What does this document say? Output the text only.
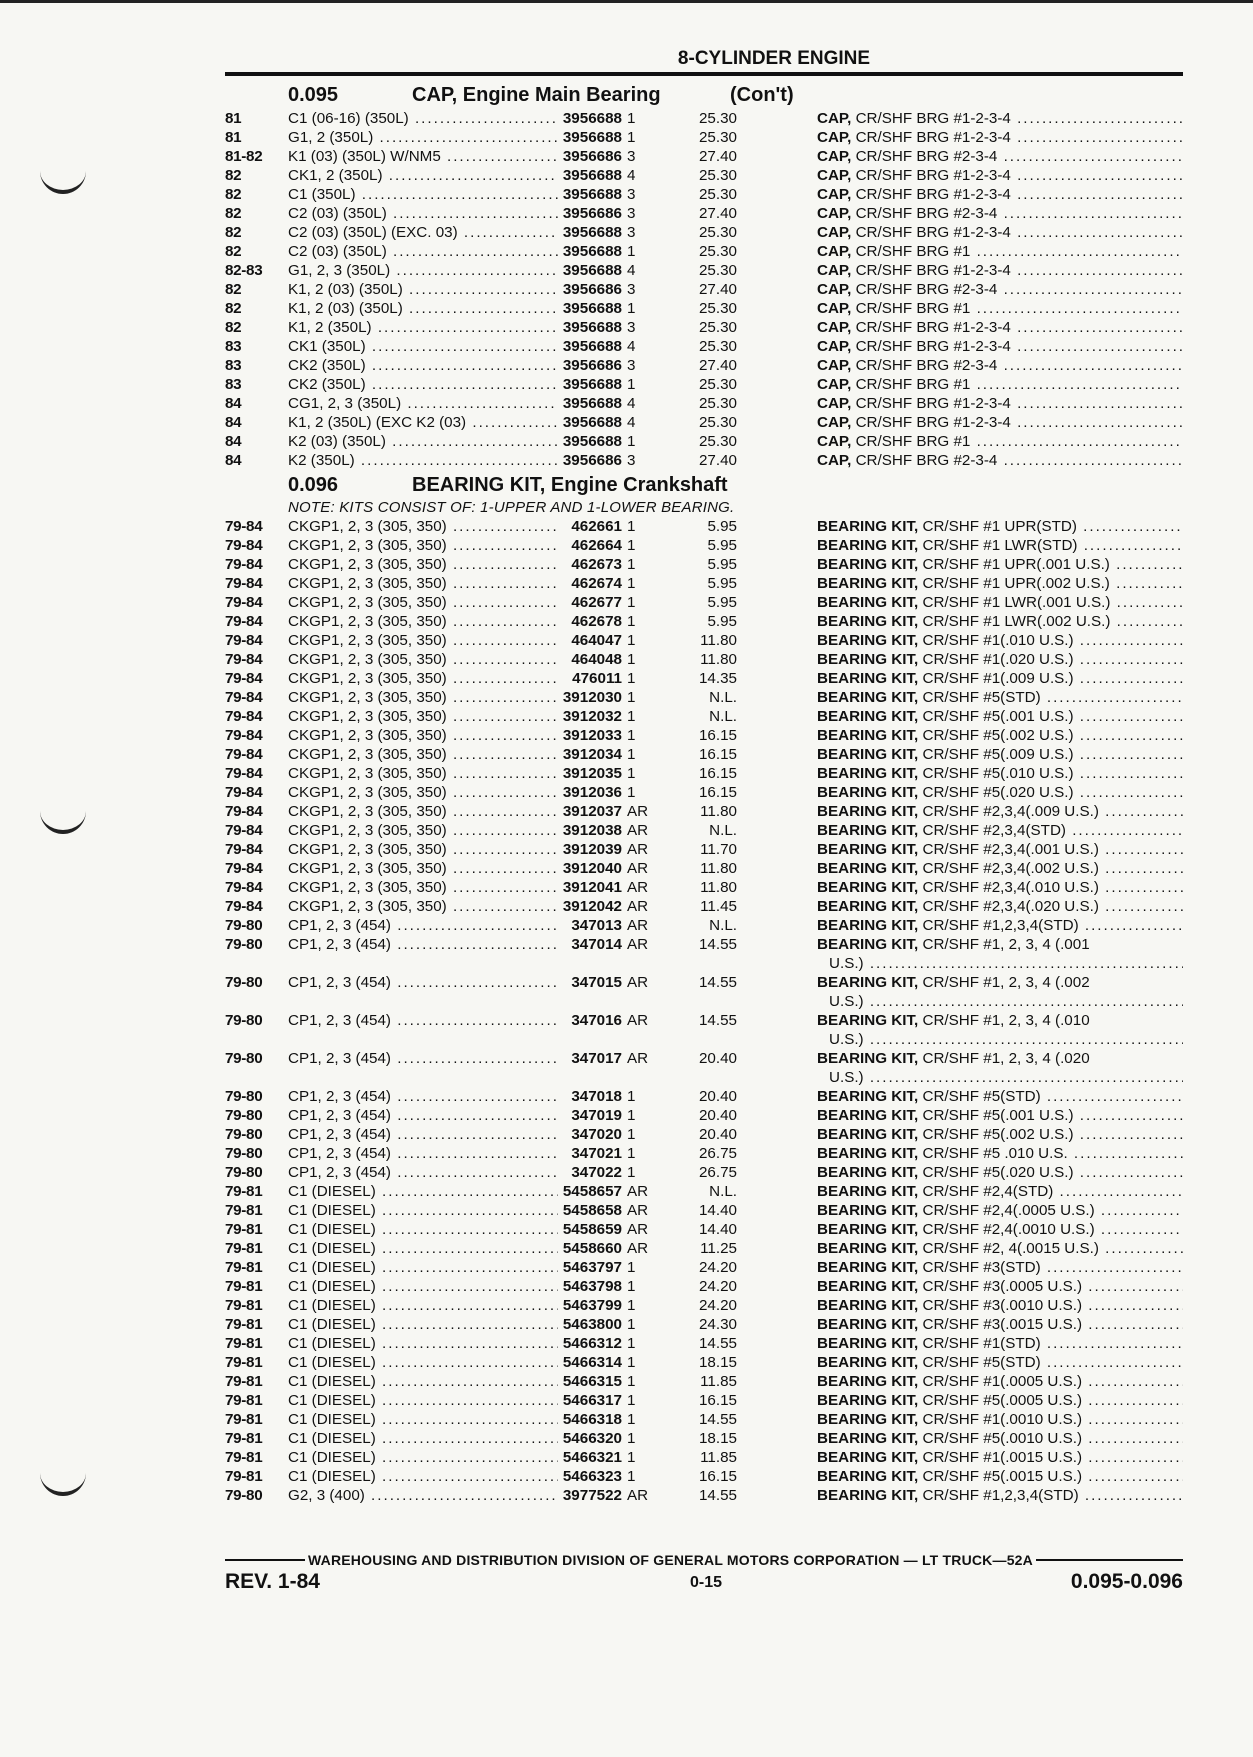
8-CYLINDER ENGINE
0.095	CAP, Engine Main Bearing	(Con't)
81	C1 (06-16) (350L) .....	3956688 1	25.30	CAP, CR/SHF BRG #1-2-3-4 .....
81	G1, 2 (350L) .....	3956688 1	25.30	CAP, CR/SHF BRG #1-2-3-4 .....
81-82	K1 (03) (350L) W/NM5 .....	3956686 3	27.40	CAP, CR/SHF BRG #2-3-4 .....
82	CK1, 2 (350L) .....	3956688 4	25.30	CAP, CR/SHF BRG #1-2-3-4 .....
82	C1 (350L) .....	3956688 3	25.30	CAP, CR/SHF BRG #1-2-3-4 .....
82	C2 (03) (350L) .....	3956686 3	27.40	CAP, CR/SHF BRG #2-3-4 .....
82	C2 (03) (350L) (EXC. 03) .....	3956688 3	25.30	CAP, CR/SHF BRG #1-2-3-4 .....
82	C2 (03) (350L) .....	3956688 1	25.30	CAP, CR/SHF BRG #1 .....
82-83	G1, 2, 3 (350L) .....	3956688 4	25.30	CAP, CR/SHF BRG #1-2-3-4 .....
82	K1, 2 (03) (350L) .....	3956686 3	27.40	CAP, CR/SHF BRG #2-3-4 .....
82	K1, 2 (03) (350L) .....	3956688 1	25.30	CAP, CR/SHF BRG #1 .....
82	K1, 2 (350L) .....	3956688 3	25.30	CAP, CR/SHF BRG #1-2-3-4 .....
83	CK1 (350L) .....	3956688 4	25.30	CAP, CR/SHF BRG #1-2-3-4 .....
83	CK2 (350L) .....	3956686 3	27.40	CAP, CR/SHF BRG #2-3-4 .....
83	CK2 (350L) .....	3956688 1	25.30	CAP, CR/SHF BRG #1 .....
84	CG1, 2, 3 (350L) .....	3956688 4	25.30	CAP, CR/SHF BRG #1-2-3-4 .....
84	K1, 2 (350L) (EXC K2 (03) .....	3956688 4	25.30	CAP, CR/SHF BRG #1-2-3-4 .....
84	K2 (03) (350L) .....	3956688 1	25.30	CAP, CR/SHF BRG #1 .....
84	K2 (350L) .....	3956686 3	27.40	CAP, CR/SHF BRG #2-3-4 .....
0.096	BEARING KIT, Engine Crankshaft
NOTE: KITS CONSIST OF: 1-UPPER AND 1-LOWER BEARING.
79-84	CKGP1, 2, 3 (305, 350) .....	462661 1	5.95	BEARING KIT, CR/SHF #1 UPR(STD) .....
79-84	CKGP1, 2, 3 (305, 350) .....	462664 1	5.95	BEARING KIT, CR/SHF #1 LWR(STD) .....
79-84	CKGP1, 2, 3 (305, 350) .....	462673 1	5.95	BEARING KIT, CR/SHF #1 UPR(.001 U.S.) .....
79-84	CKGP1, 2, 3 (305, 350) .....	462674 1	5.95	BEARING KIT, CR/SHF #1 UPR(.002 U.S.) .....
79-84	CKGP1, 2, 3 (305, 350) .....	462677 1	5.95	BEARING KIT, CR/SHF #1 LWR(.001 U.S.) .....
79-84	CKGP1, 2, 3 (305, 350) .....	462678 1	5.95	BEARING KIT, CR/SHF #1 LWR(.002 U.S.) .....
79-84	CKGP1, 2, 3 (305, 350) .....	464047 1	11.80	BEARING KIT, CR/SHF #1(.010 U.S.) .....
79-84	CKGP1, 2, 3 (305, 350) .....	464048 1	11.80	BEARING KIT, CR/SHF #1(.020 U.S.) .....
79-84	CKGP1, 2, 3 (305, 350) .....	476011 1	14.35	BEARING KIT, CR/SHF #1(.009 U.S.) .....
79-84	CKGP1, 2, 3 (305, 350) .....	3912030 1	N.L.	BEARING KIT, CR/SHF #5(STD) .....
79-84	CKGP1, 2, 3 (305, 350) .....	3912032 1	N.L.	BEARING KIT, CR/SHF #5(.001 U.S.) .....
79-84	CKGP1, 2, 3 (305, 350) .....	3912033 1	16.15	BEARING KIT, CR/SHF #5(.002 U.S.) .....
79-84	CKGP1, 2, 3 (305, 350) .....	3912034 1	16.15	BEARING KIT, CR/SHF #5(.009 U.S.) .....
79-84	CKGP1, 2, 3 (305, 350) .....	3912035 1	16.15	BEARING KIT, CR/SHF #5(.010 U.S.) .....
79-84	CKGP1, 2, 3 (305, 350) .....	3912036 1	16.15	BEARING KIT, CR/SHF #5(.020 U.S.) .....
79-84	CKGP1, 2, 3 (305, 350) .....	3912037 AR	11.80	BEARING KIT, CR/SHF #2,3,4(.009 U.S.) .....
79-84	CKGP1, 2, 3 (305, 350) .....	3912038 AR	N.L.	BEARING KIT, CR/SHF #2,3,4(STD) .....
79-84	CKGP1, 2, 3 (305, 350) .....	3912039 AR	11.70	BEARING KIT, CR/SHF #2,3,4(.001 U.S.) .....
79-84	CKGP1, 2, 3 (305, 350) .....	3912040 AR	11.80	BEARING KIT, CR/SHF #2,3,4(.002 U.S.) .....
79-84	CKGP1, 2, 3 (305, 350) .....	3912041 AR	11.80	BEARING KIT, CR/SHF #2,3,4(.010 U.S.) .....
79-84	CKGP1, 2, 3 (305, 350) .....	3912042 AR	11.45	BEARING KIT, CR/SHF #2,3,4(.020 U.S.) .....
79-80	CP1, 2, 3 (454) .....	347013 AR	N.L.	BEARING KIT, CR/SHF #1,2,3,4(STD) .....
79-80	CP1, 2, 3 (454) .....	347014 AR	14.55	BEARING KIT, CR/SHF #1, 2, 3, 4 (.001
U.S.) .....
79-80	CP1, 2, 3 (454) .....	347015 AR	14.55	BEARING KIT, CR/SHF #1, 2, 3, 4 (.002
U.S.) .....
79-80	CP1, 2, 3 (454) .....	347016 AR	14.55	BEARING KIT, CR/SHF #1, 2, 3, 4 (.010
U.S.) .....
79-80	CP1, 2, 3 (454) .....	347017 AR	20.40	BEARING KIT, CR/SHF #1, 2, 3, 4 (.020
U.S.) .....
79-80	CP1, 2, 3 (454) .....	347018 1	20.40	BEARING KIT, CR/SHF #5(STD) .....
79-80	CP1, 2, 3 (454) .....	347019 1	20.40	BEARING KIT, CR/SHF #5(.001 U.S.) .....
79-80	CP1, 2, 3 (454) .....	347020 1	20.40	BEARING KIT, CR/SHF #5(.002 U.S.) .....
79-80	CP1, 2, 3 (454) .....	347021 1	26.75	BEARING KIT, CR/SHF #5 .010 U.S. .....
79-80	CP1, 2, 3 (454) .....	347022 1	26.75	BEARING KIT, CR/SHF #5(.020 U.S.) .....
79-81	C1 (DIESEL) .....	5458657 AR	N.L.	BEARING KIT, CR/SHF #2,4(STD) .....
79-81	C1 (DIESEL) .....	5458658 AR	14.40	BEARING KIT, CR/SHF #2,4(.0005 U.S.) .....
79-81	C1 (DIESEL) .....	5458659 AR	14.40	BEARING KIT, CR/SHF #2,4(.0010 U.S.) .....
79-81	C1 (DIESEL) .....	5458660 AR	11.25	BEARING KIT, CR/SHF #2, 4(.0015 U.S.) .....
79-81	C1 (DIESEL) .....	5463797 1	24.20	BEARING KIT, CR/SHF #3(STD) .....
79-81	C1 (DIESEL) .....	5463798 1	24.20	BEARING KIT, CR/SHF #3(.0005 U.S.) .....
79-81	C1 (DIESEL) .....	5463799 1	24.20	BEARING KIT, CR/SHF #3(.0010 U.S.) .....
79-81	C1 (DIESEL) .....	5463800 1	24.30	BEARING KIT, CR/SHF #3(.0015 U.S.) .....
79-81	C1 (DIESEL) .....	5466312 1	14.55	BEARING KIT, CR/SHF #1(STD) .....
79-81	C1 (DIESEL) .....	5466314 1	18.15	BEARING KIT, CR/SHF #5(STD) .....
79-81	C1 (DIESEL) .....	5466315 1	11.85	BEARING KIT, CR/SHF #1(.0005 U.S.) .....
79-81	C1 (DIESEL) .....	5466317 1	16.15	BEARING KIT, CR/SHF #5(.0005 U.S.) .....
79-81	C1 (DIESEL) .....	5466318 1	14.55	BEARING KIT, CR/SHF #1(.0010 U.S.) .....
79-81	C1 (DIESEL) .....	5466320 1	18.15	BEARING KIT, CR/SHF #5(.0010 U.S.) .....
79-81	C1 (DIESEL) .....	5466321 1	11.85	BEARING KIT, CR/SHF #1(.0015 U.S.) .....
79-81	C1 (DIESEL) .....	5466323 1	16.15	BEARING KIT, CR/SHF #5(.0015 U.S.) .....
79-80	G2, 3 (400) .....	3977522 AR	14.55	BEARING KIT, CR/SHF #1,2,3,4(STD) .....
WAREHOUSING AND DISTRIBUTION DIVISION OF GENERAL MOTORS CORPORATION — LT TRUCK—52A
REV. 1-84	0-15	0.095-0.096
